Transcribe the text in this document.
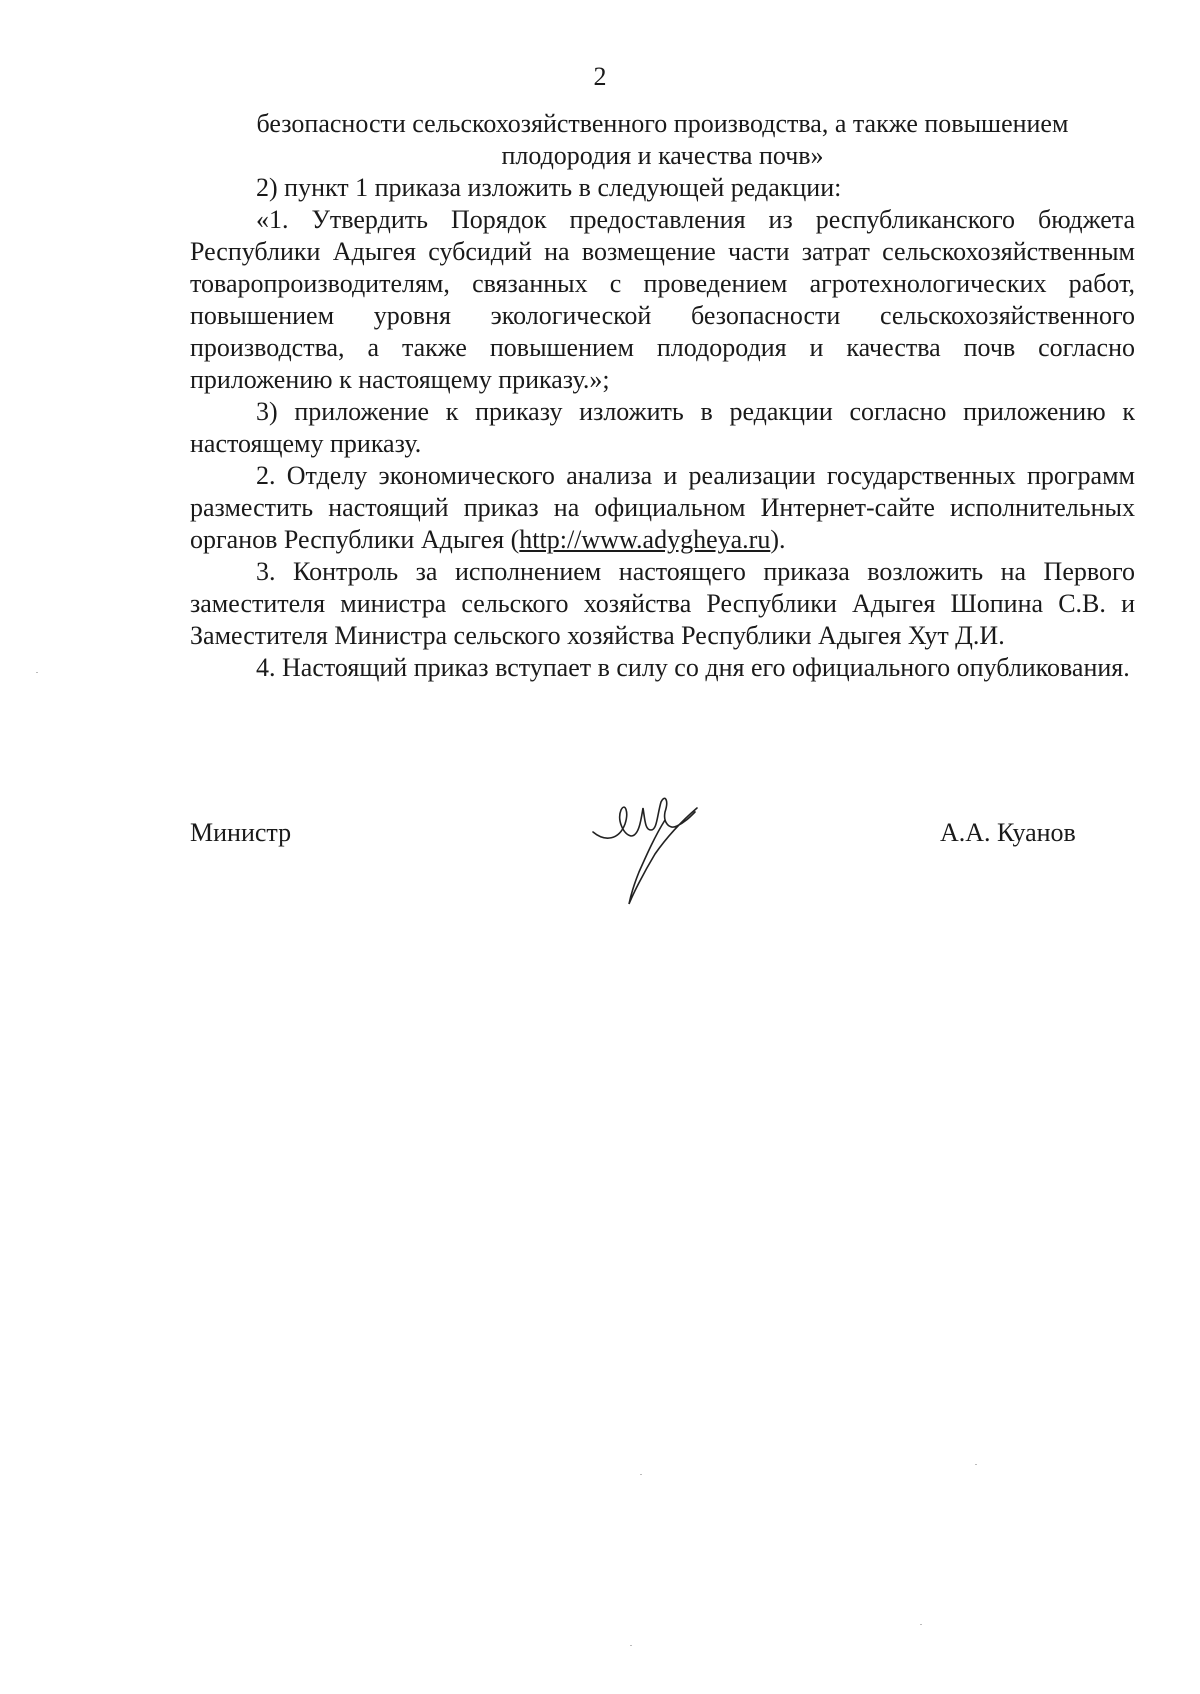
2

безопасности сельскохозяйственного производства, а также повышением

плодородия и качества почв»

2) пункт 1 приказа изложить в следующей редакции:

«1. Утвердить Порядок предоставления из республиканского бюджета Республики Адыгея субсидий на возмещение части затрат сельскохозяйственным товаропроизводителям, связанных с проведением агротехнологических работ, повышением уровня экологической безопасности сельскохозяйственного производства, а также повышением плодородия и качества почв согласно приложению к настоящему приказу.»;

3) приложение к приказу изложить в редакции согласно приложению к настоящему приказу.

2. Отделу экономического анализа и реализации государственных программ разместить настоящий приказ на официальном Интернет-сайте исполнительных органов Республики Адыгея (http://www.adygheya.ru).

3. Контроль за исполнением настоящего приказа возложить на Первого заместителя министра сельского хозяйства Республики Адыгея Шопина С.В. и Заместителя Министра сельского хозяйства Республики Адыгея Хут Д.И.

4. Настоящий приказ вступает в силу со дня его официального опубликования.

Министр	А.А. Куанов
